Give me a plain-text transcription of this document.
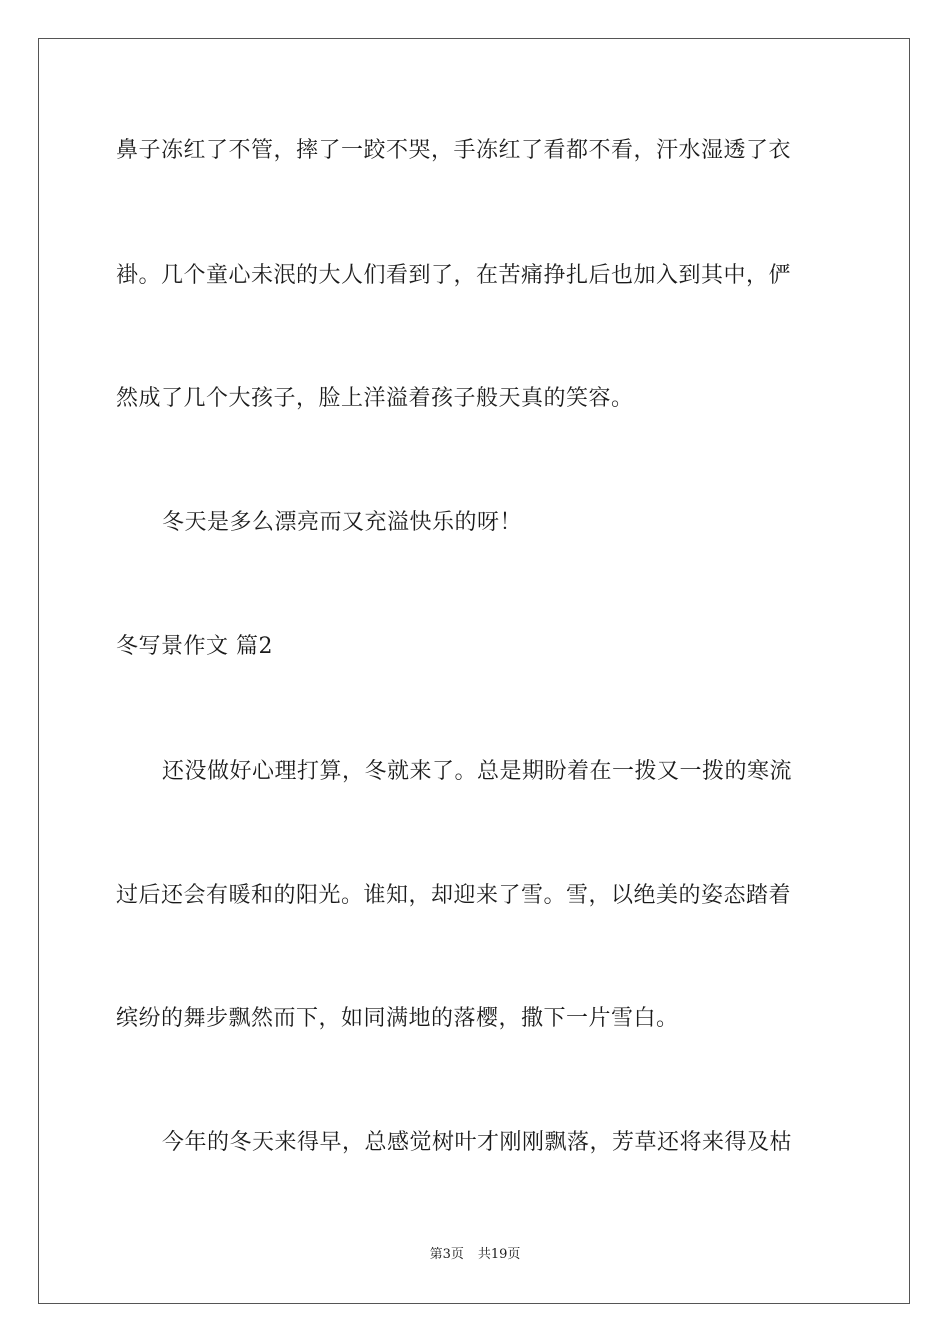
鼻子冻红了不管，摔了一跤不哭，手冻红了看都不看，汗水湿透了衣
褂。几个童心未泯的大人们看到了，在苦痛挣扎后也加入到其中，俨
然成了几个大孩子，脸上洋溢着孩子般天真的笑容。
冬天是多么漂亮而又充溢快乐的呀！
冬写景作文 篇2
还没做好心理打算，冬就来了。总是期盼着在一拨又一拨的寒流
过后还会有暖和的阳光。谁知，却迎来了雪。雪，以绝美的姿态踏着
缤纷的舞步飘然而下，如同满地的落樱，撒下一片雪白。
今年的冬天来得早，总感觉树叶才刚刚飘落，芳草还将来得及枯
第3页 共19页
